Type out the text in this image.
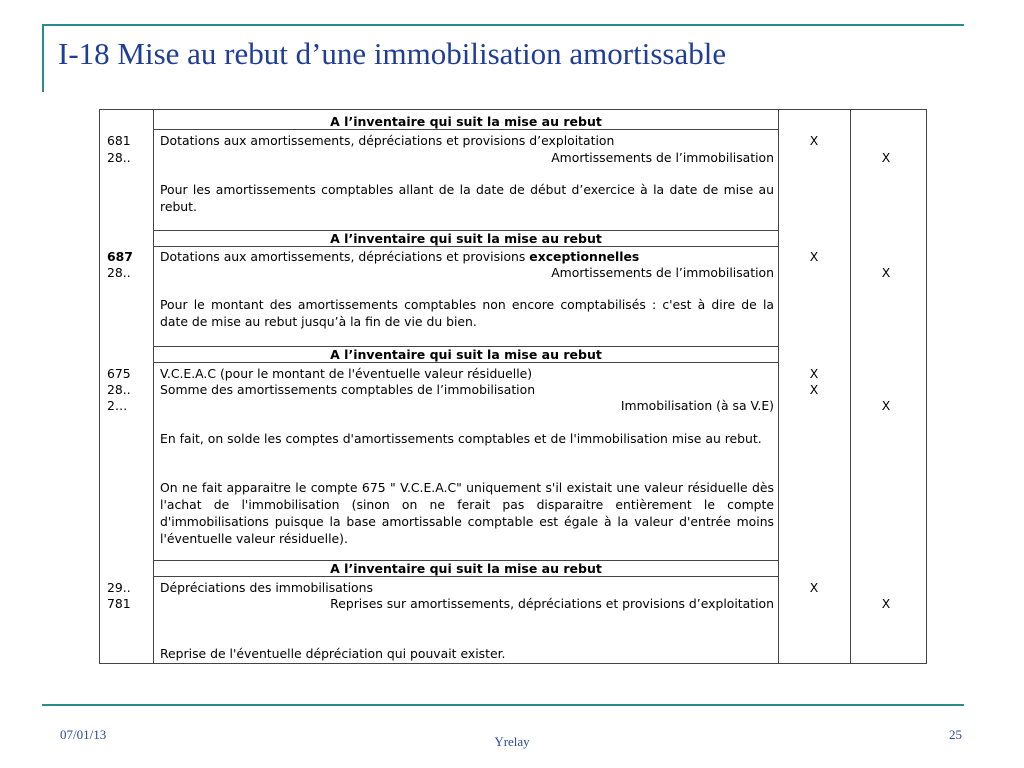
I-18 Mise au rebut d’une immobilisation amortissable
A l’inventaire qui suit la mise au rebut
681
28..
Dotations aux amortissements, dépréciations et provisions d’exploitation
Amortissements de l’immobilisation
X
X
Pour les amortissements comptables allant de la date de début d’exercice à la date de mise au rebut.
A l’inventaire qui suit la mise au rebut
687
28..
Dotations aux amortissements, dépréciations et provisions exceptionnelles
Amortissements de l’immobilisation
X
X
Pour le montant des amortissements comptables non encore comptabilisés : c'est à dire de la date de mise au rebut jusqu’à la fin de vie du bien.
A l’inventaire qui suit la mise au rebut
675
28..
2…
V.C.E.A.C (pour le montant de l'éventuelle valeur résiduelle)
Somme des amortissements comptables de l’immobilisation
Immobilisation (à sa V.E)
X
X
X
En fait, on solde les comptes d'amortissements comptables et de l'immobilisation mise au rebut.
On ne fait apparaitre le compte 675 " V.C.E.A.C" uniquement s'il existait une valeur résiduelle dès l'achat de l'immobilisation (sinon on ne ferait pas disparaitre entièrement le compte d'immobilisations puisque la base amortissable comptable est égale à la valeur d'entrée moins l'éventuelle valeur résiduelle).
A l’inventaire qui suit la mise au rebut
29..
781
Dépréciations des immobilisations
Reprises sur amortissements, dépréciations et provisions d’exploitation
X
X
Reprise de l'éventuelle dépréciation qui pouvait exister.
07/01/13	Yrelay	25
